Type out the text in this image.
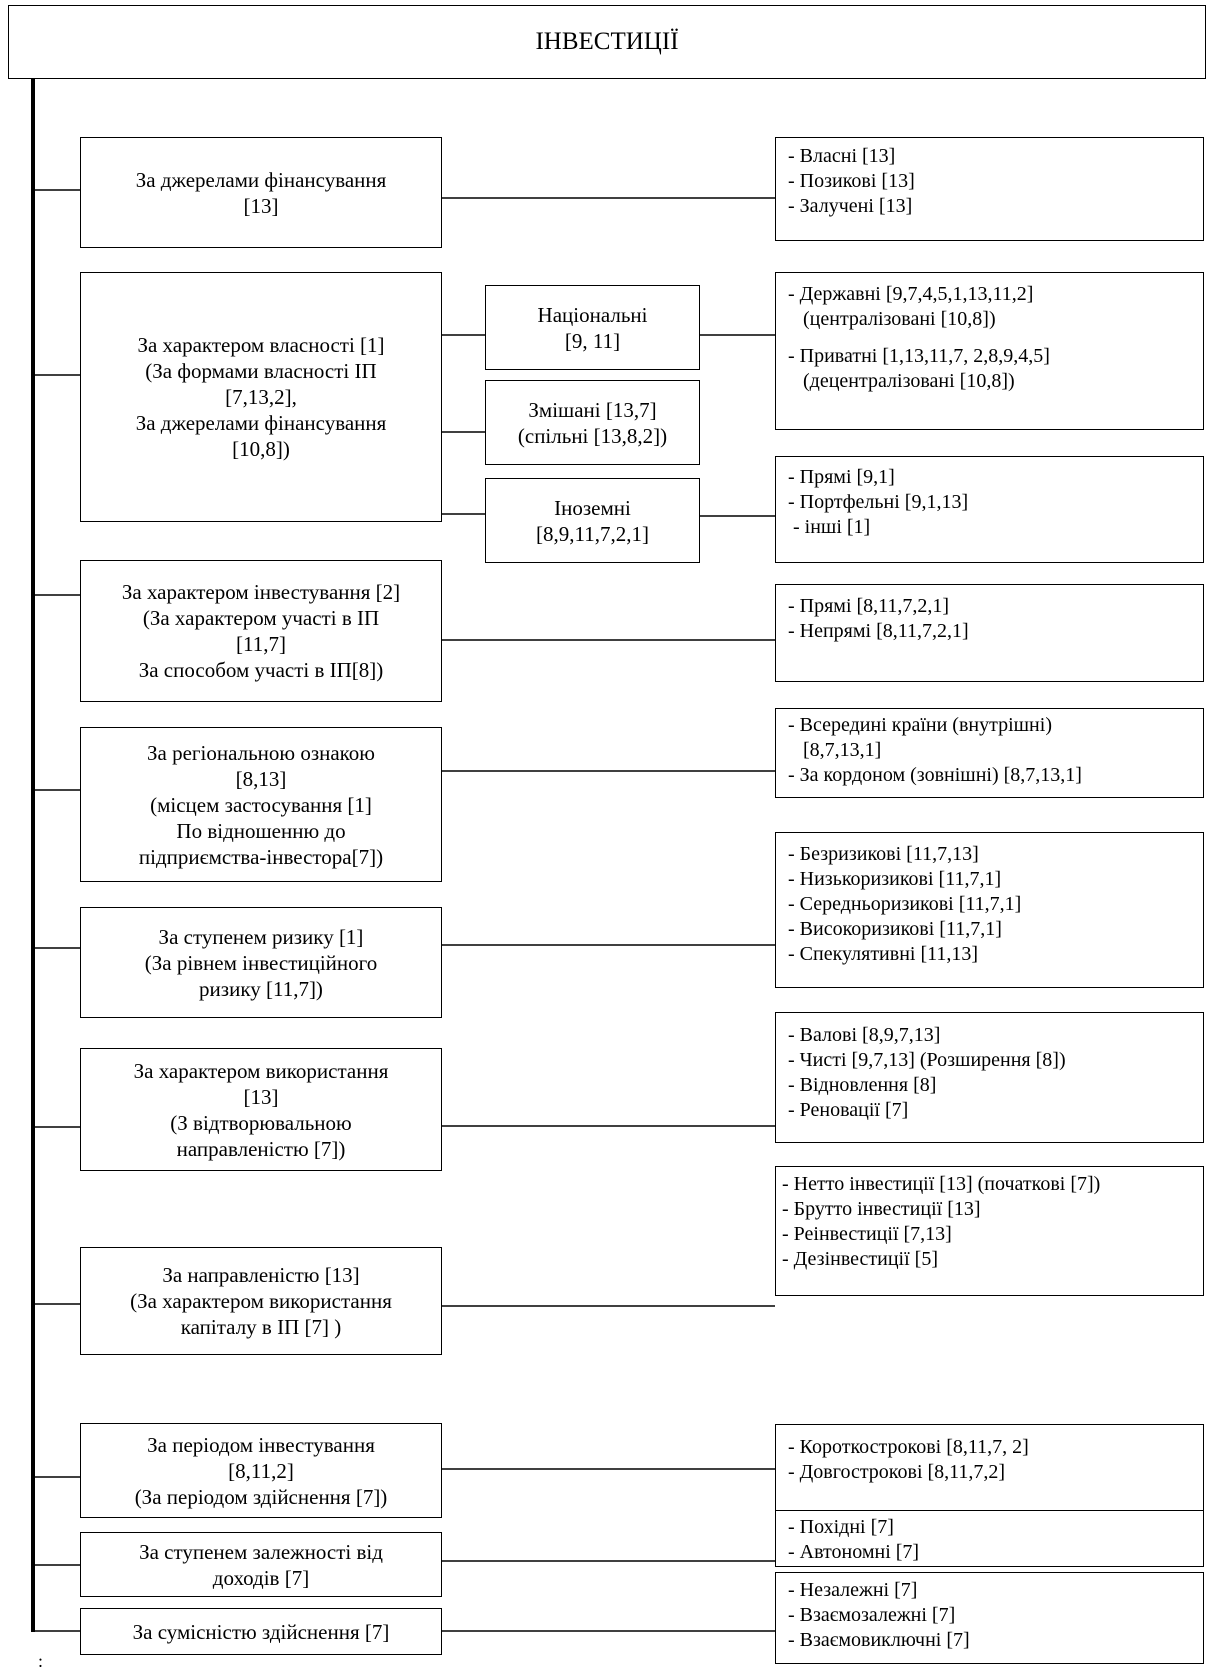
ІНВЕСТИЦІЇ
За джерелами фінансування
[13]
За характером власності [1]
(За формами власності ІП
[7,13,2],
За джерелами фінансування
[10,8])
За характером інвестування [2]
(За характером участі в ІП
[11,7]
За способом участі в ІП[8])
За регіональною ознакою
[8,13]
(місцем застосування [1]
По відношенню до
підприємства-інвестора[7])
За ступенем ризику [1]
(За рівнем інвестиційного
ризику [11,7])
За характером використання
[13]
(З відтворювальною
направленістю [7])
За направленістю [13]
(За характером використання
капіталу в ІП [7] )
За періодом інвестування
[8,11,2]
(За періодом здійснення [7])
За ступенем залежності від
доходів [7]
За сумісністю здійснення [7]
Національні
[9, 11]
Змішані [13,7]
(спільні [13,8,2])
Іноземні
[8,9,11,7,2,1]
- Власні [13]
- Позикові [13]
- Залучені [13]
- Державні [9,7,4,5,1,13,11,2]
(централізовані [10,8])
- Приватні [1,13,11,7, 2,8,9,4,5]
(децентралізовані [10,8])
- Прямі [9,1]
- Портфельні [9,1,13]
- інші [1]
- Прямі [8,11,7,2,1]
- Непрямі [8,11,7,2,1]
- Всередині країни (внутрішні)
[8,7,13,1]
- За кордоном (зовнішні) [8,7,13,1]
- Безризикові [11,7,13]
- Низькоризикові [11,7,1]
- Середньоризикові [11,7,1]
- Високоризикові [11,7,1]
- Спекулятивні [11,13]
- Валові [8,9,7,13]
- Чисті [9,7,13] (Розширення [8])
- Відновлення [8]
- Реновації [7]
- Нетто інвестиції [13] (початкові [7])
- Брутто інвестиції [13]
- Реінвестиції [7,13]
- Дезінвестиції [5]
- Короткострокові [8,11,7, 2]
- Довгострокові [8,11,7,2]
- Похідні [7]
- Автономні [7]
- Незалежні [7]
- Взаємозалежні [7]
- Взаємовиключні [7]
:
